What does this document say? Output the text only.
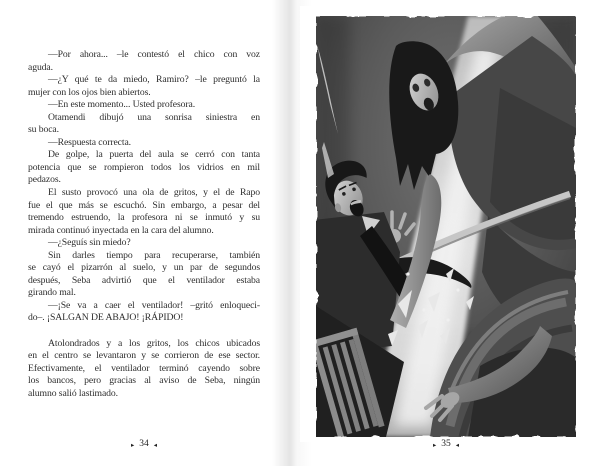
—Por ahora... –le contestó el chico con voz
aguda.
—¿Y qué te da miedo, Ramiro? –le preguntó la
mujer con los ojos bien abiertos.
—En este momento... Usted profesora.
Otamendi dibujó una sonrisa siniestra en
su boca.
—Respuesta correcta.
De golpe, la puerta del aula se cerró con tanta
potencia que se rompieron todos los vidrios en mil
pedazos.
El susto provocó una ola de gritos, y el de Rapo
fue el que más se escuchó. Sin embargo, a pesar del
tremendo estruendo, la profesora ni se inmutó y su
mirada continuó inyectada en la cara del alumno.
—¿Seguís sin miedo?
Sin darles tiempo para recuperarse, también
se cayó el pizarrón al suelo, y un par de segundos
después, Seba advirtió que el ventilador estaba
girando mal.
—¡Se va a caer el ventilador! –gritó enloqueci-
do–. ¡SALGAN DE ABAJO! ¡RÁPIDO!

Atolondrados y a los gritos, los chicos ubicados
en el centro se levantaron y se corrieron de ese sector.
Efectivamente, el ventilador terminó cayendo sobre
los bancos, pero gracias al aviso de Seba, ningún
alumno salió lastimado.
▸ 34 ◂	▸ 35 ◂
